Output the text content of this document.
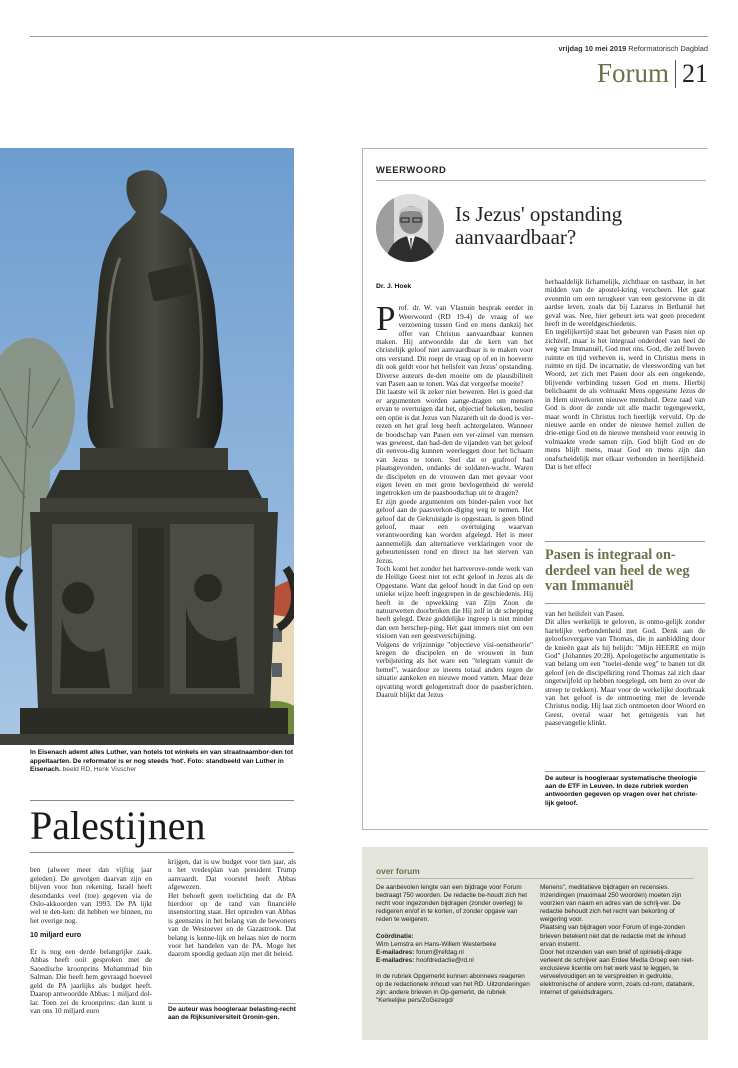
vrijdag 10 mei 2019 Reformatorisch Dagblad
Forum 21
In Eisenach ademt alles Luther, van hotels tot winkels en van straatnaambor-den tot appeltaarten. De reformator is er nog steeds 'hot'. Foto: standbeeld van Luther in Eisenach. beeld RD, Henk Visscher
Palestijnen

ben (alweer meer dan vijftig jaar geleden). De gevolgen daarvan zijn en blijven voor hun rekening. Israël heeft desondanks veel (toe) gegeven via de Oslo-akkoorden van 1993. De PA lijkt wel te den-ken: dit hebben we binnen, nu het overige nog.

10 miljard euro

Er is nog een derde belangrijke zaak. Abbas heeft ooit gesproken met de Saoedische kroonprins Mohammad bin Salman. Die heeft hem gevraagd hoeveel geld de PA jaarlijks als budget heeft. Daarop antwoordde Abbas: 1 miljard dol-lar. Toen zei de kroonprins: dan kunt u van ons 10 miljard euro

krijgen, dat is uw budget voor tien jaar, als u het vredesplan van president Trump aanvaardt. Dat voorstel heeft Abbas afgewezen.
Het behoeft geen toelichting dat de PA hierdoor op de rand van financiële insenstorting staat. Het optreden van Abbas is geenszins in het belang van de bewoners van de Westoever en de Gazastrook. Dat belang is kenne-lijk en helaas niet de norm voor het handelen van de PA. Moge het daarom spoedig gedaan zijn met dit beleid.
De auteur was hoogleraar belasting-recht aan de Rijksuniversiteit Gronin-gen.
WEERWOORD
Is Jezus' opstanding aanvaardbaar?
Dr. J. Hoek

Prof. dr. W. van Vlastuin besprak eerder in Weerwoord (RD 19-4) de vraag of we verzoening tussen God en mens dankzij het offer van Christus aanvaardbaar kunnen maken. Hij antwoordde dat de kern van het christelijk geloof niet aanvaardbaar is te maken voor ons verstand. Dit roept de vraag op of en in hoeverre dit ook geldt voor het heilsfeit van Jezus' opstanding. Diverse auteurs de-den moeite om de plausibiliteit van Pasen aan te tonen. Was dat vergeefse moeite?
Dit laatste wil ik zeker niet beweren. Het is goed dat er argumenten worden aange-dragen om mensen ervan te overtuigen dat het, objectief bekeken, beslist een optie is dat Jezus van Nazareth uit de dood is ver-rezen en het graf leeg heeft achtergelaten. Wanneer de boodschap van Pasen een ver-zinsel van mensen was geweest, dan had-den de vijanden van het geloof dit eenvou-dig kunnen weerleggen door het lichaam van Jezus te tonen. Stel dat er grafroof had plaatsgevonden, ondanks de soldaten-wacht. Waren de discipelen en de vrouwen dan met gevaar voor eigen leven en met grote bevlogenheid de wereld ingetrokken om de paasboodschap uit te dragen?
Er zijn goede argumenten om binder-palen voor het geloof aan de paasverkon-diging weg te nemen. Het geloof dat de Gekruisigde is opgestaan, is geen blind geloof, maar een overtuiging waarvan verantwoording kan worden afgelegd. Het is meer aannemelijk dan alternatieve verklaringen voor de gebeurtenissen rond en direct na het sterven van Jezus.
Toch komt het zonder het hartverove-rende werk van de Heilige Geest niet tot echt geloof in Jezus als de Opgestane. Want dat geloof houdt in dat God op een unieke wijze heeft ingegrepen in de geschiedenis. Hij heeft in de opwekking van Zijn Zoon de natuurwetten doorbroken die Hij zelf in de schepping heeft gelegd. Deze goddelijke ingreep is niet minder dan een herschep-ping. Het gaat immers niet om een visioen van een geestverschijning.
Volgens de vrijzinnige "objectieve visi-oenstheorie" kregen de discipelen en de vrouwen in hun verbijstering als het ware een "telegram vanuit de hemel", waardoor ze ineens totaal anders tegen de situatie aankeken en nieuwe moed vatten. Maar deze opvatting wordt gelogenstraft door de paasberichten. Daaruit blijkt dat Jezus

herhaaldelijk lichamelijk, zichtbaar en tastbaar, in het midden van de apostel-kring verscheen. Het gaat evenmin om een terugkeer van een gestorvene in dit aardse leven, zoals dat bij Lazarus in Bethanië het geval was. Nee, hier gebeurt iets wat geen precedent heeft in de wereldgeschiedenis.
En tegelijkertijd staat het gebeuren van Pasen niet op zichzelf, maar is het integraal onderdeel van heel de weg van Immanuël, God met ons. God, die zelf boven ruimte en tijd verheven is, werd in Christus mens in ruimte en tijd. De incarnatie, de vleeswording van het Woord, zet zich met Pasen door als een ongekende, blijvende verbinding tussen God en mens. Hierbij belichaamt de als volmaakt Mens opgestane Jezus de in Hem uitverkoren nieuwe mensheid. Deze raad van God is door de zonde uit alle macht tegengewerkt, maar wordt in Christus toch heerlijk vervuld. Op de nieuwe aarde en onder de nieuwe hemel zullen de drie-enige God en de nieuwe mensheid voor eeuwig in volmaakte vrede samen zijn. God blijft God en de mens blijft mens, maar God en mens zijn dan onafscheidelijk met elkaar verbonden in heerlijkheid. Dat is het effect
Pasen is integraal on-derdeel van heel de weg van Immanuël
van het heilsfeit van Pasen.
Dit alles werkelijk te geloven, is onmo-gelijk zonder hartelijke verbondenheid met God. Denk aan de geloofsovergave van Thomas, die in aanbidding door de knieën gaat als hij belijdt: "Mijn HEERE en mijn God" (Johannes 20:28). Apologetische argumentatie is van belang om een "toelei-dende weg" te banen tot dit geloof (en de discipelkring rond Thomas zal zich daar ongetwijfeld op hebben toegelegd, om hem zo over de streep te trekken). Maar voor de werkelijke doorbraak van het geloof is de ontmoeting met de levende Christus nodig. Hij laat zich ontmoeten door Woord en Geest, overal waar het getuigenis van het paasevangelie klinkt.
De auteur is hoogleraar systematische theologie aan de ETF in Leuven. In deze rubriek worden antwoorden gegeven op vragen over het christe-lijk geloof.
over forum
De aanbevolen lengte van een bijdrage voor Forum bedraagt 750 woorden. De redactie be-houdt zich het recht voor ingezonden bijdragen (zonder overleg) te redigeren en/of in te korten, of zonder opgave van reden te weigeren.

Coördinatie:
Wim Lemstra en Hans-Willem Westerbeke
E-mailadres: forum@refdag.nl
E-mailadres: hoofdredactie@rd.nl

In de rubriek Opgemerkt kunnen abonnees reageren op de redactionele inhoud van het RD. Uitzonderingen zijn: andere brieven in Op-gemerkt, de rubriek "Kerkelijke pers/ZoGezegd/
Menens", meditatieve bijdragen en recensies. Inzendingen (maximaal 250 woorden) moeten zijn voorzien van naam en adres van de schrij-ver. De redactie behoudt zich het recht van bekorting of weigering voor.
Plaatsing van bijdragen voor Forum of inge-zonden brieven betekent niet dat de redactie met de inhoud ervan instemt.
Door het inzenden van een brief of opiniebij-drage verleent de schrijver aan Erdee Media Groep een niet-exclusieve licentie om het werk vast te leggen, te verveelvoudigen en te verspreiden in gedrukte, elektronische of andere vorm, zoals cd-rom, databank, internet of geluidsdragers.
